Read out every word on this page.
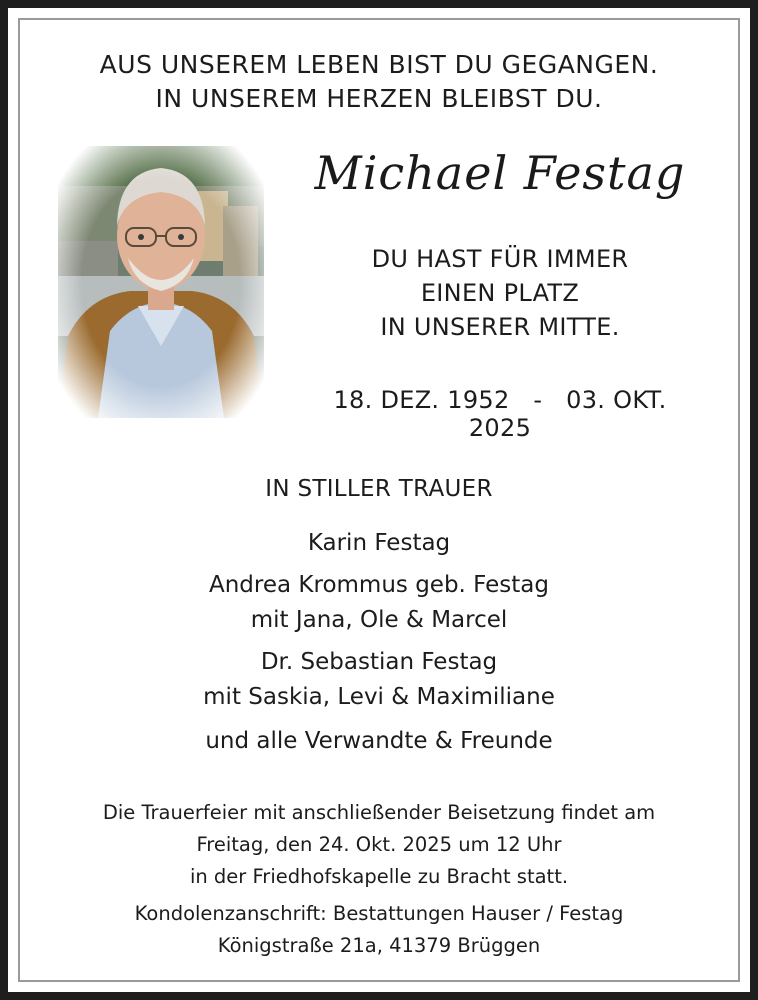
AUS UNSEREM LEBEN BIST DU GEGANGEN.
IN UNSEREM HERZEN BLEIBST DU.
Michael Festag
DU HAST FÜR IMMER
EINEN PLATZ
IN UNSERER MITTE.
18. DEZ. 1952 - 03. OKT. 2025
IN STILLER TRAUER
Karin Festag
Andrea Krommus geb. Festag
mit Jana, Ole & Marcel
Dr. Sebastian Festag
mit Saskia, Levi & Maximiliane
und alle Verwandte & Freunde
Die Trauerfeier mit anschließender Beisetzung findet am
Freitag, den 24. Okt. 2025 um 12 Uhr
in der Friedhofskapelle zu Bracht statt.
Kondolenzanschrift: Bestattungen Hauser / Festag
Königstraße 21a, 41379 Brüggen
